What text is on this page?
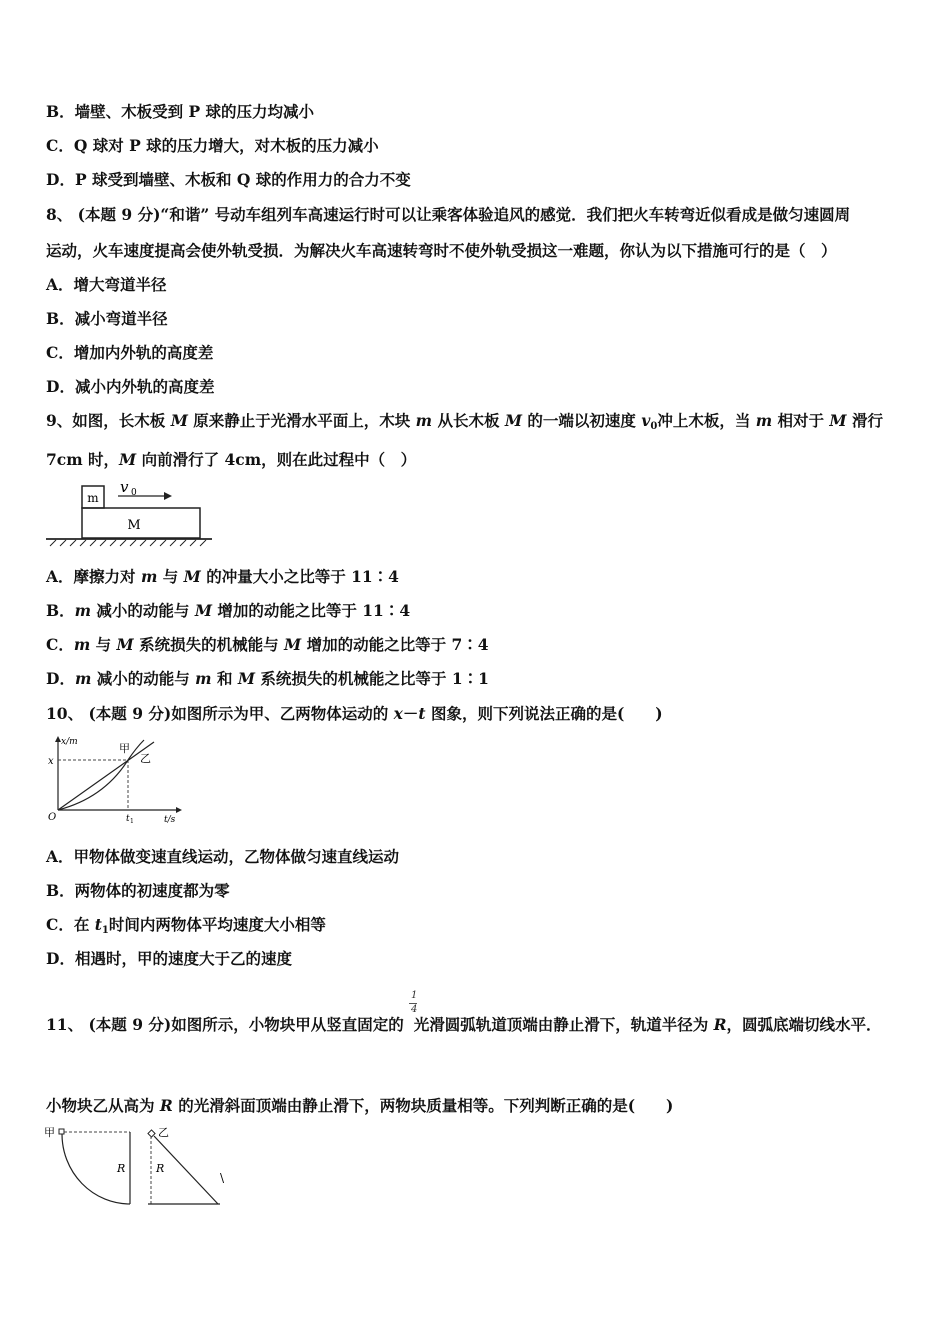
B．墙壁、木板受到 P 球的压力均减小
C．Q 球对 P 球的压力增大，对木板的压力减小
D．P 球受到墙壁、木板和 Q 球的作用力的合力不变
8、 (本题 9 分)“和谐” 号动车组列车高速运行时可以让乘客体验追风的感觉．我们把火车转弯近似看成是做匀速圆周
运动，火车速度提高会使外轨受损．为解决火车高速转弯时不使外轨受损这一难题，你认为以下措施可行的是（　）
A．增大弯道半径
B．减小弯道半径
C．增加内外轨的高度差
D．减小内外轨的高度差
9、如图，长木板 M 原来静止于光滑水平面上，木块 m 从长木板 M 的一端以初速度 $v_0$冲上木板，当 m 相对于 M 滑行
7cm 时，M 向前滑行了 4cm，则在此过程中（　）
m
v 0
M
A．摩擦力对 m 与 M 的冲量大小之比等于 11∶4
B．m 减小的动能与 M 增加的动能之比等于 11∶4
C．m 与 M 系统损失的机械能与 M 增加的动能之比等于 7∶4
D．m 减小的动能与 m 和 M 系统损失的机械能之比等于 1∶1
10、 (本题 9 分)如图所示为甲、乙两物体运动的 x－t 图象，则下列说法正确的是(　　)
x/m
t/s
O
x
t 1
甲
乙
A．甲物体做变速直线运动，乙物体做匀速直线运动
B．两物体的初速度都为零
C．在 $t_1$时间内两物体平均速度大小相等
D．相遇时，甲的速度大于乙的速度
1
4
11、 (本题 9 分)如图所示，小物块甲从竖直固定的 光滑圆弧轨道顶端由静止滑下，轨道半径为 R，圆弧底端切线水平．
小物块乙从高为 R 的光滑斜面顶端由静止滑下，两物块质量相等。下列判断正确的是(　　)
甲
R
乙
R
\
